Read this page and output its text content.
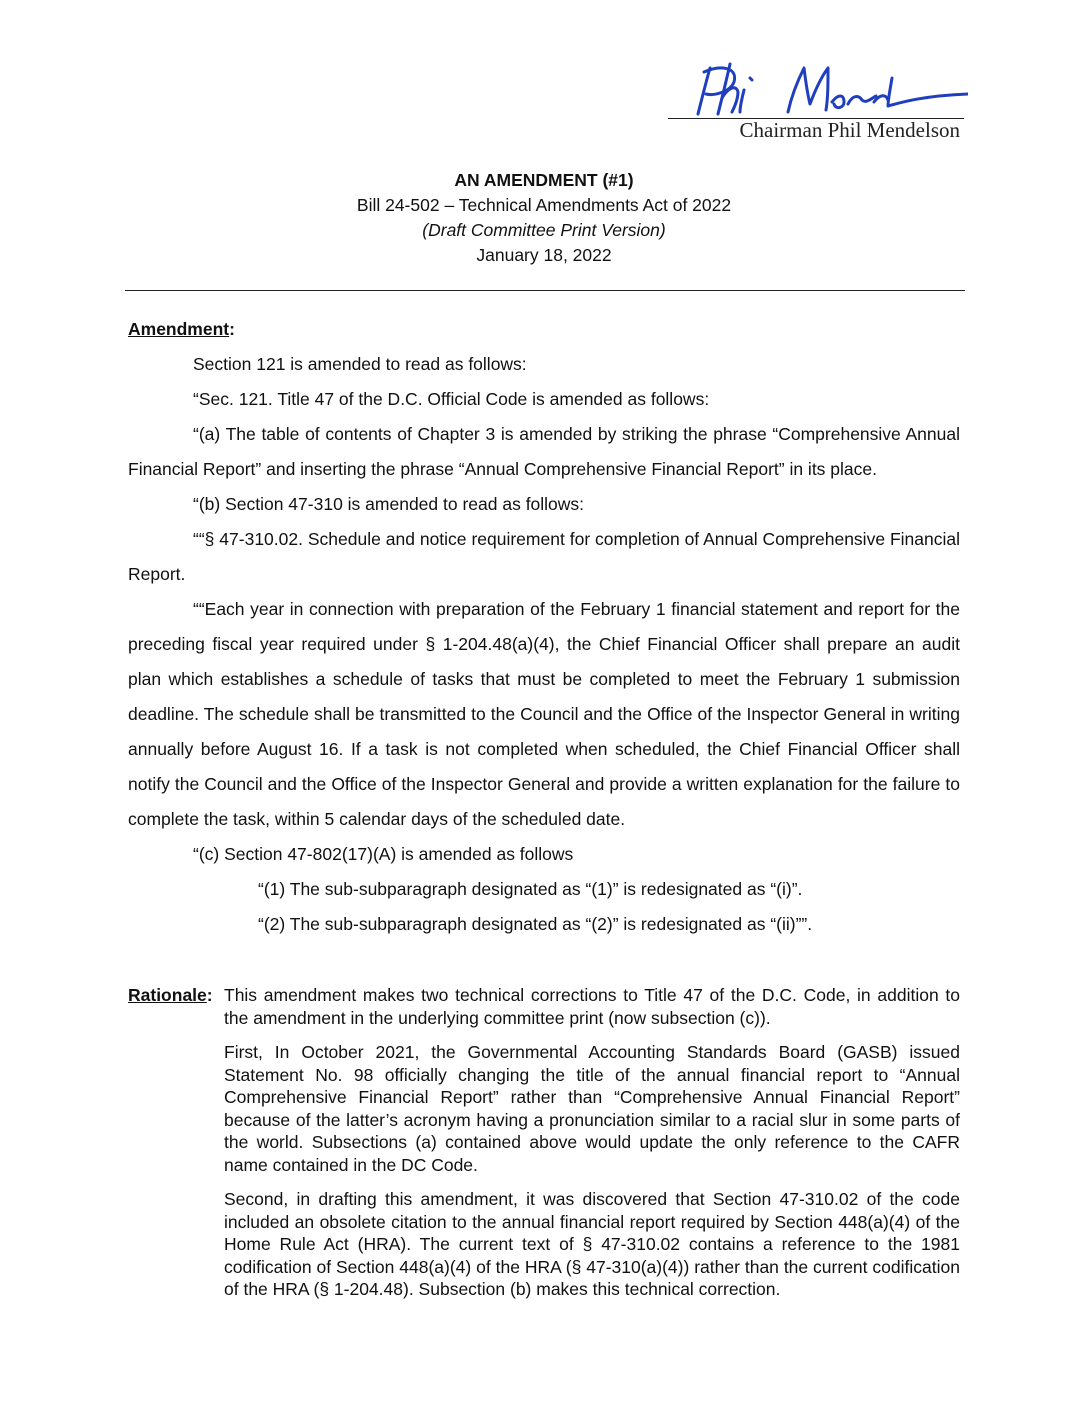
Chairman Phil Mendelson
AN AMENDMENT (#1)
Bill 24-502 – Technical Amendments Act of 2022
(Draft Committee Print Version)
January 18, 2022

Amendment:

Section 121 is amended to read as follows:

“Sec. 121. Title 47 of the D.C. Official Code is amended as follows:

“(a) The table of contents of Chapter 3 is amended by striking the phrase “Comprehensive Annual Financial Report” and inserting the phrase “Annual Comprehensive Financial Report” in its place.

“(b) Section 47-310 is amended to read as follows:

““§ 47-310.02. Schedule and notice requirement for completion of Annual Comprehensive Financial Report.

““Each year in connection with preparation of the February 1 financial statement and report for the preceding fiscal year required under § 1-204.48(a)(4), the Chief Financial Officer shall prepare an audit plan which establishes a schedule of tasks that must be completed to meet the February 1 submission deadline. The schedule shall be transmitted to the Council and the Office of the Inspector General in writing annually before August 16. If a task is not completed when scheduled, the Chief Financial Officer shall notify the Council and the Office of the Inspector General and provide a written explanation for the failure to complete the task, within 5 calendar days of the scheduled date.

“(c) Section 47-802(17)(A) is amended as follows

“(1) The sub-subparagraph designated as “(1)” is redesignated as “(i)”.

“(2) The sub-subparagraph designated as “(2)” is redesignated as “(ii)””.

Rationale: This amendment makes two technical corrections to Title 47 of the D.C. Code, in addition to the amendment in the underlying committee print (now subsection (c)).

First, In October 2021, the Governmental Accounting Standards Board (GASB) issued Statement No. 98 officially changing the title of the annual financial report to “Annual Comprehensive Financial Report” rather than “Comprehensive Annual Financial Report” because of the latter’s acronym having a pronunciation similar to a racial slur in some parts of the world. Subsections (a) contained above would update the only reference to the CAFR name contained in the DC Code.

Second, in drafting this amendment, it was discovered that Section 47-310.02 of the code included an obsolete citation to the annual financial report required by Section 448(a)(4) of the Home Rule Act (HRA). The current text of § 47-310.02 contains a reference to the 1981 codification of Section 448(a)(4) of the HRA (§ 47-310(a)(4)) rather than the current codification of the HRA (§ 1-204.48). Subsection (b) makes this technical correction.
